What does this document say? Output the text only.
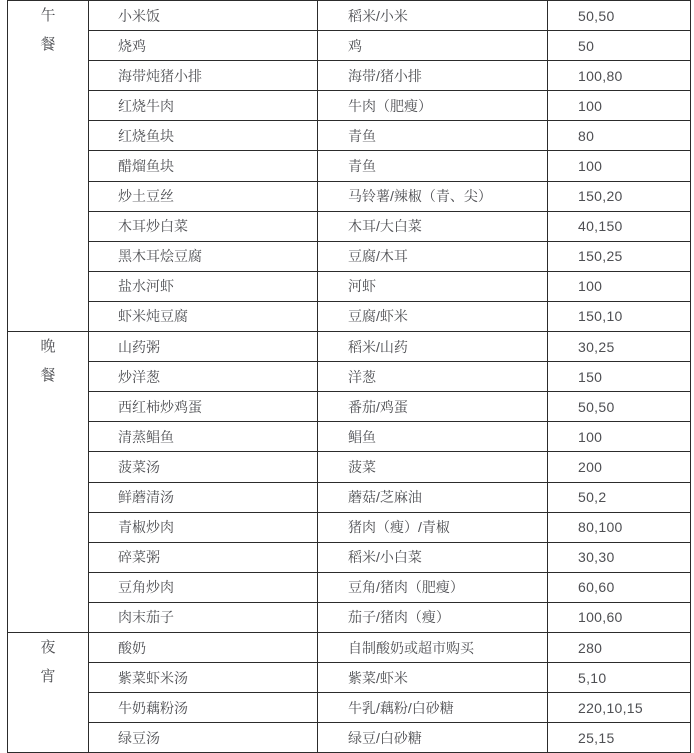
午
餐	小米饭	稻米/小米	50,50
	烧鸡	鸡	50
	海带炖猪小排	海带/猪小排	100,80
	红烧牛肉	牛肉（肥瘦）	100
	红烧鱼块	青鱼	80
	醋熘鱼块	青鱼	100
	炒土豆丝	马铃薯/辣椒（青、尖）	150,20
	木耳炒白菜	木耳/大白菜	40,150
	黑木耳烩豆腐	豆腐/木耳	150,25
	盐水河虾	河虾	100
	虾米炖豆腐	豆腐/虾米	150,10

晚
餐	山药粥	稻米/山药	30,25
	炒洋葱	洋葱	150
	西红柿炒鸡蛋	番茄/鸡蛋	50,50
	清蒸鲳鱼	鲳鱼	100
	菠菜汤	菠菜	200
	鲜蘑清汤	蘑菇/芝麻油	50,2
	青椒炒肉	猪肉（瘦）/青椒	80,100
	碎菜粥	稻米/小白菜	30,30
	豆角炒肉	豆角/猪肉（肥瘦）	60,60
	肉末茄子	茄子/猪肉（瘦）	100,60

夜
宵	酸奶	自制酸奶或超市购买	280
	紫菜虾米汤	紫菜/虾米	5,10
	牛奶藕粉汤	牛乳/藕粉/白砂糖	220,10,15
	绿豆汤	绿豆/白砂糖	25,15
